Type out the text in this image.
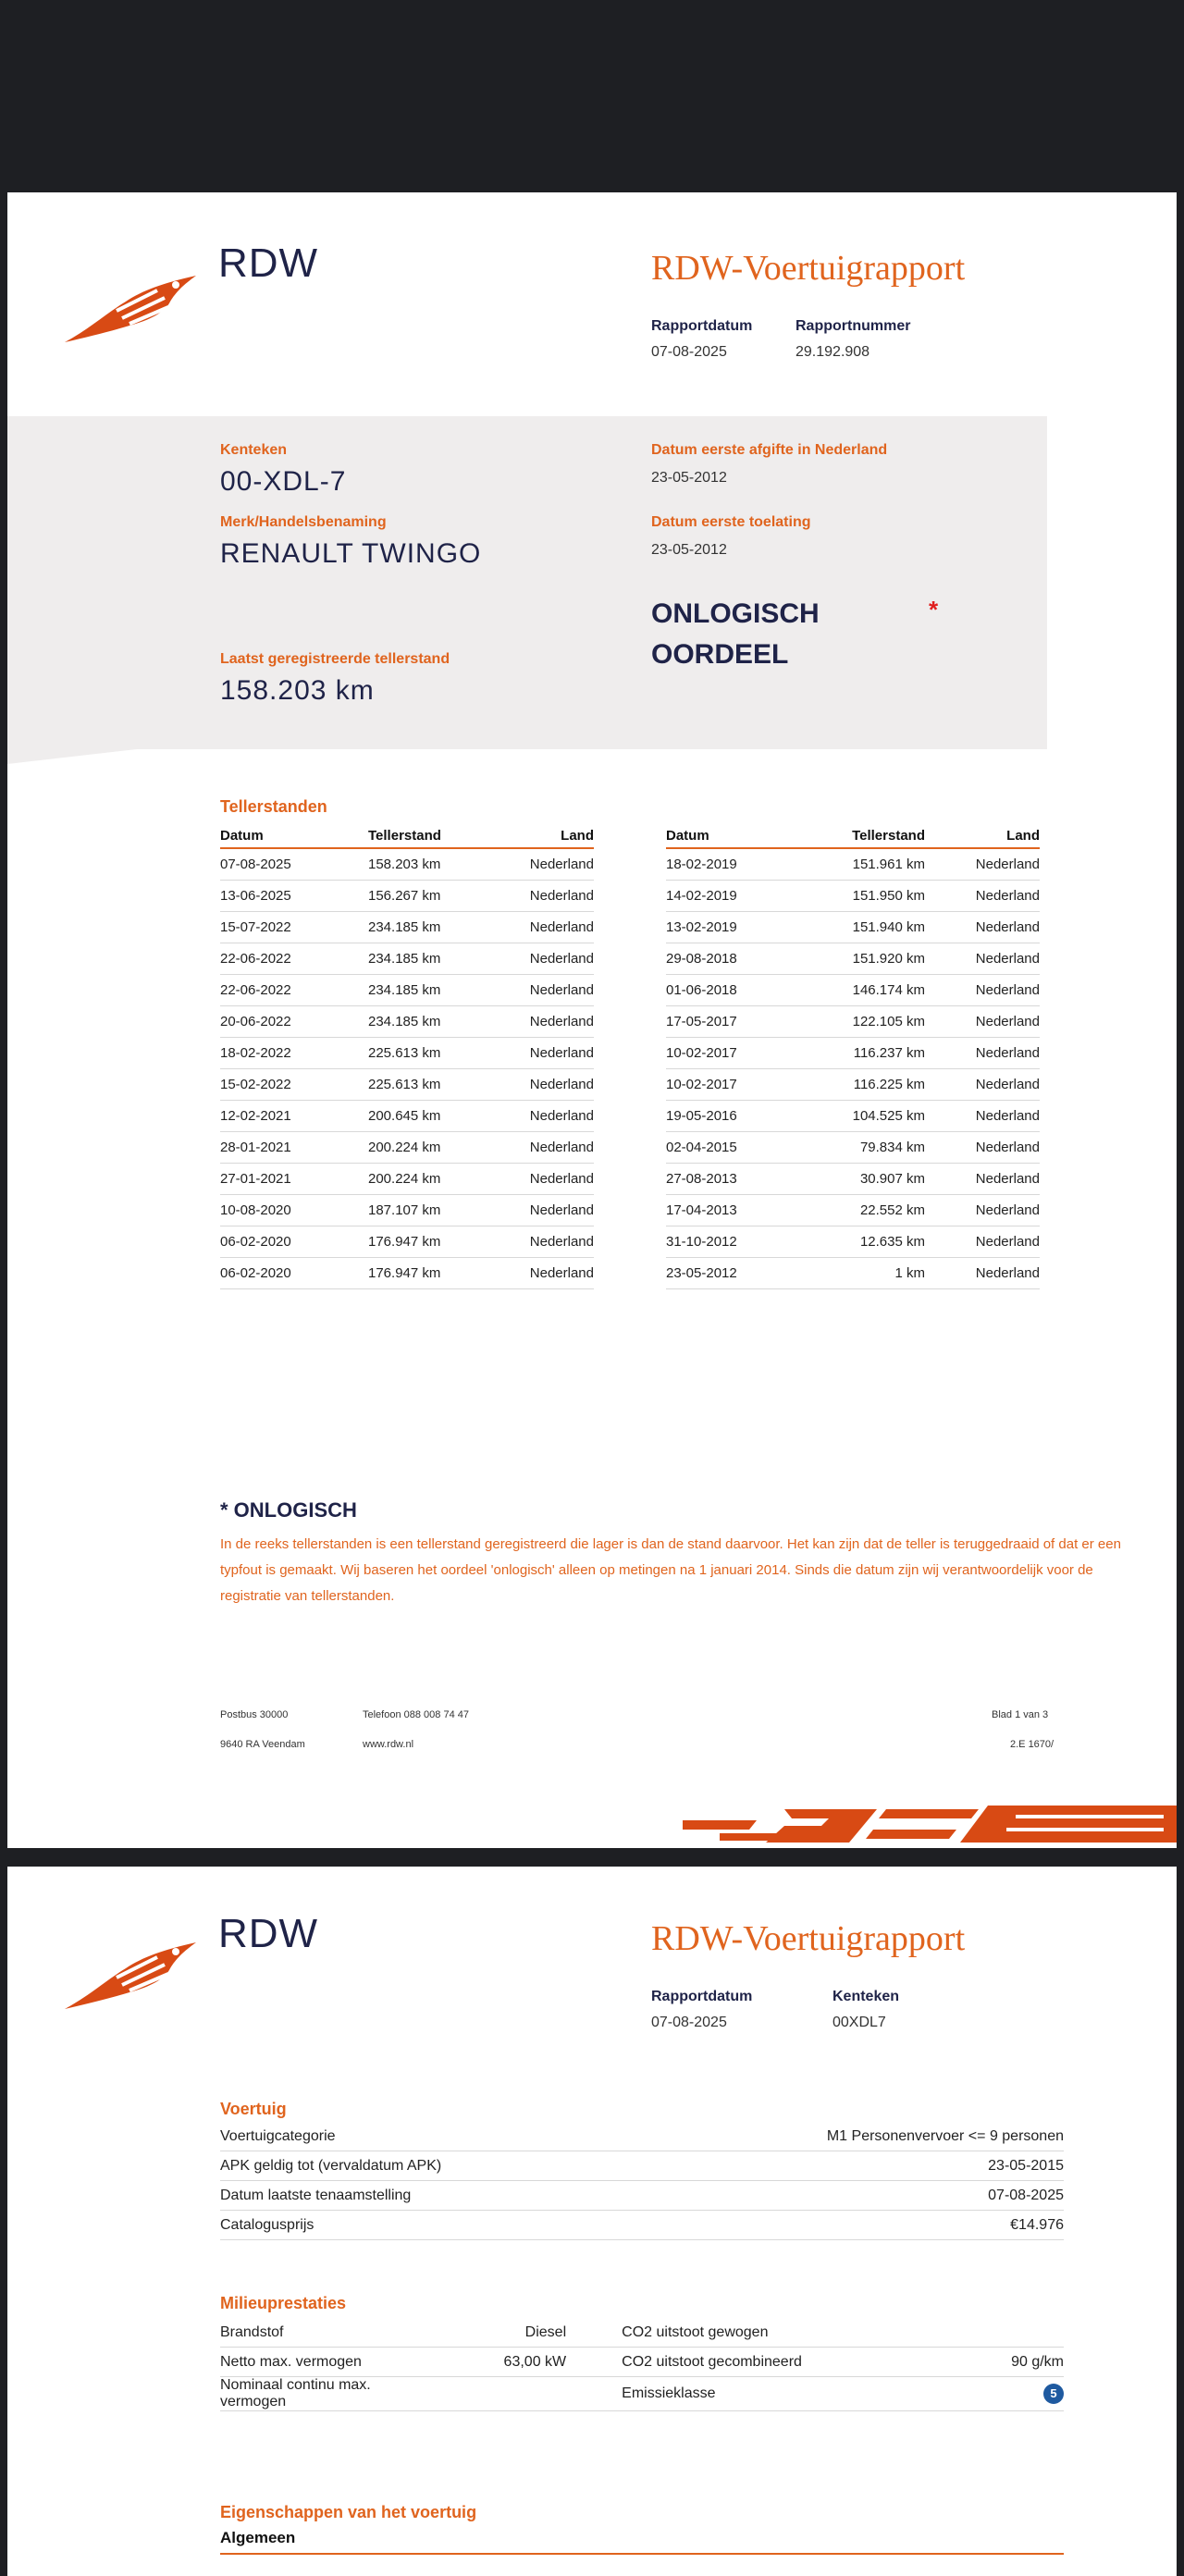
RDW	RDW-Voertuigrapport
Rapportdatum
07-08-2025
Rapportnummer
29.192.908
Kenteken
00-XDL-7
Merk/Handelsbenaming
RENAULT TWINGO
Laatst geregistreerde tellerstand
158.203 km
Datum eerste afgifte in Nederland
23-05-2012
Datum eerste toelating
23-05-2012
ONLOGISCH
OORDEEL
*
Tellerstanden
Datum	Tellerstand	Land
07-08-2025	158.203 km	Nederland
13-06-2025	156.267 km	Nederland
15-07-2022	234.185 km	Nederland
22-06-2022	234.185 km	Nederland
22-06-2022	234.185 km	Nederland
20-06-2022	234.185 km	Nederland
18-02-2022	225.613 km	Nederland
15-02-2022	225.613 km	Nederland
12-02-2021	200.645 km	Nederland
28-01-2021	200.224 km	Nederland
27-01-2021	200.224 km	Nederland
10-08-2020	187.107 km	Nederland
06-02-2020	176.947 km	Nederland
06-02-2020	176.947 km	Nederland
Datum	Tellerstand	Land
18-02-2019	151.961 km	Nederland
14-02-2019	151.950 km	Nederland
13-02-2019	151.940 km	Nederland
29-08-2018	151.920 km	Nederland
01-06-2018	146.174 km	Nederland
17-05-2017	122.105 km	Nederland
10-02-2017	116.237 km	Nederland
10-02-2017	116.225 km	Nederland
19-05-2016	104.525 km	Nederland
02-04-2015	79.834 km	Nederland
27-08-2013	30.907 km	Nederland
17-04-2013	22.552 km	Nederland
31-10-2012	12.635 km	Nederland
23-05-2012	1 km	Nederland
* ONLOGISCH
In de reeks tellerstanden is een tellerstand geregistreerd die lager is dan de stand daarvoor. Het kan zijn dat de teller is teruggedraaid of dat er een typfout is gemaakt. Wij baseren het oordeel 'onlogisch' alleen op metingen na 1 januari 2014. Sinds die datum zijn wij verantwoordelijk voor de registratie van tellerstanden.
Postbus 30000
9640 RA Veendam
Telefoon 088 008 74 47
www.rdw.nl
Blad 1 van 3
2.E 1670/
RDW	RDW-Voertuigrapport
Rapportdatum
07-08-2025
Kenteken
00XDL7
Voertuig
Voertuigcategorie	M1 Personenvervoer <= 9 personen
APK geldig tot (vervaldatum APK)	23-05-2015
Datum laatste tenaamstelling	07-08-2025
Catalogusprijs	€14.976
Milieuprestaties
Brandstof	Diesel	CO2 uitstoot gewogen	
Netto max. vermogen	63,00 kW	CO2 uitstoot gecombineerd	90 g/km
Nominaal continu max. vermogen		Emissieklasse	5
Eigenschappen van het voertuig
Algemeen
